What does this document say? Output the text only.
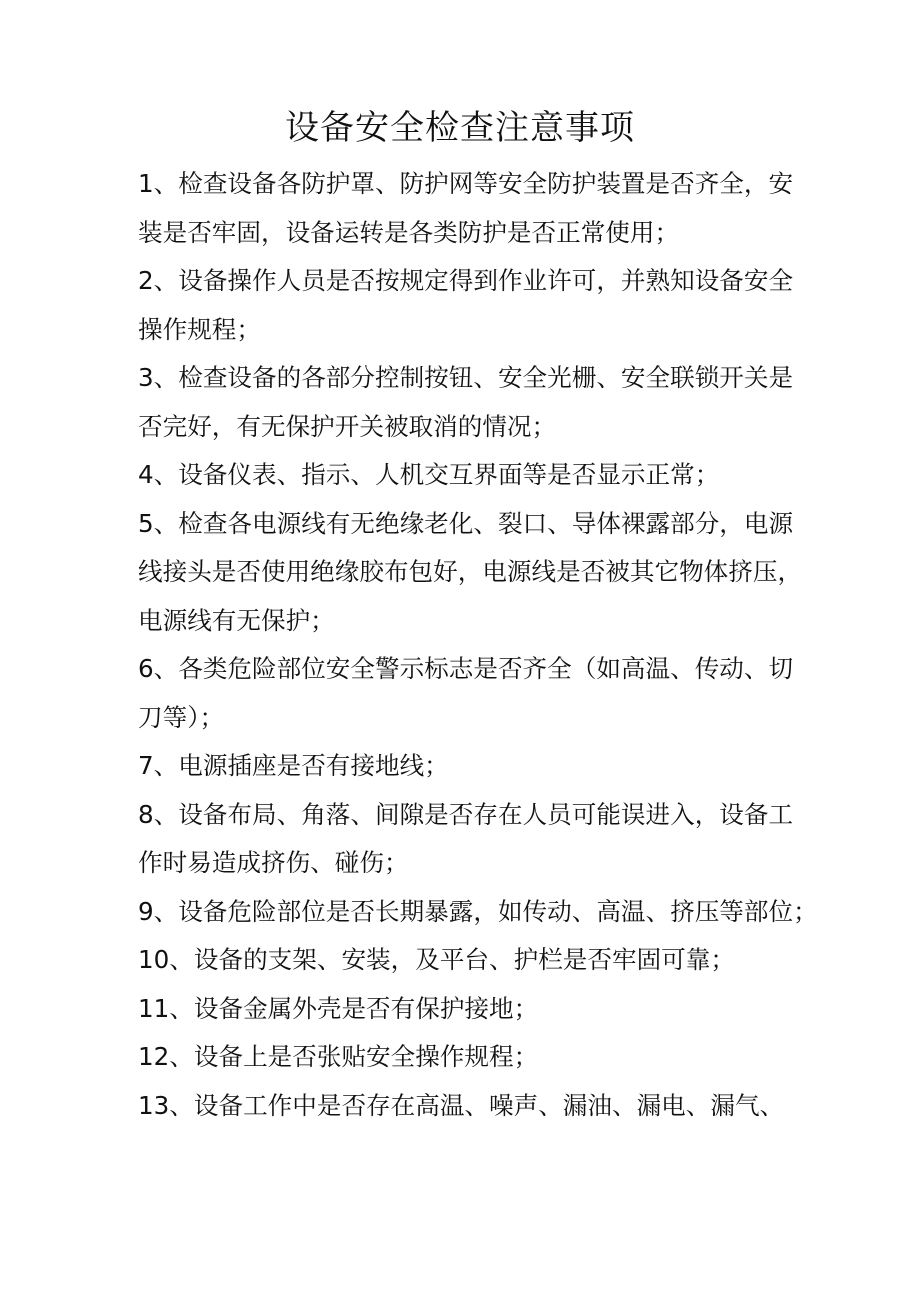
设备安全检查注意事项

1、检查设备各防护罩、防护网等安全防护装置是否齐全，安

装是否牢固，设备运转是各类防护是否正常使用；

2、设备操作人员是否按规定得到作业许可，并熟知设备安全

操作规程；

3、检查设备的各部分控制按钮、安全光栅、安全联锁开关是

否完好，有无保护开关被取消的情况；

4、设备仪表、指示、人机交互界面等是否显示正常；

5、检查各电源线有无绝缘老化、裂口、导体裸露部分，电源

线接头是否使用绝缘胶布包好，电源线是否被其它物体挤压，

电源线有无保护；

6、各类危险部位安全警示标志是否齐全（如高温、传动、切

刀等）；

7、电源插座是否有接地线；

8、设备布局、角落、间隙是否存在人员可能误进入，设备工

作时易造成挤伤、碰伤；

9、设备危险部位是否长期暴露，如传动、高温、挤压等部位；

10、设备的支架、安装，及平台、护栏是否牢固可靠；

11、设备金属外壳是否有保护接地；

12、设备上是否张贴安全操作规程；

13、设备工作中是否存在高温、噪声、漏油、漏电、漏气、
